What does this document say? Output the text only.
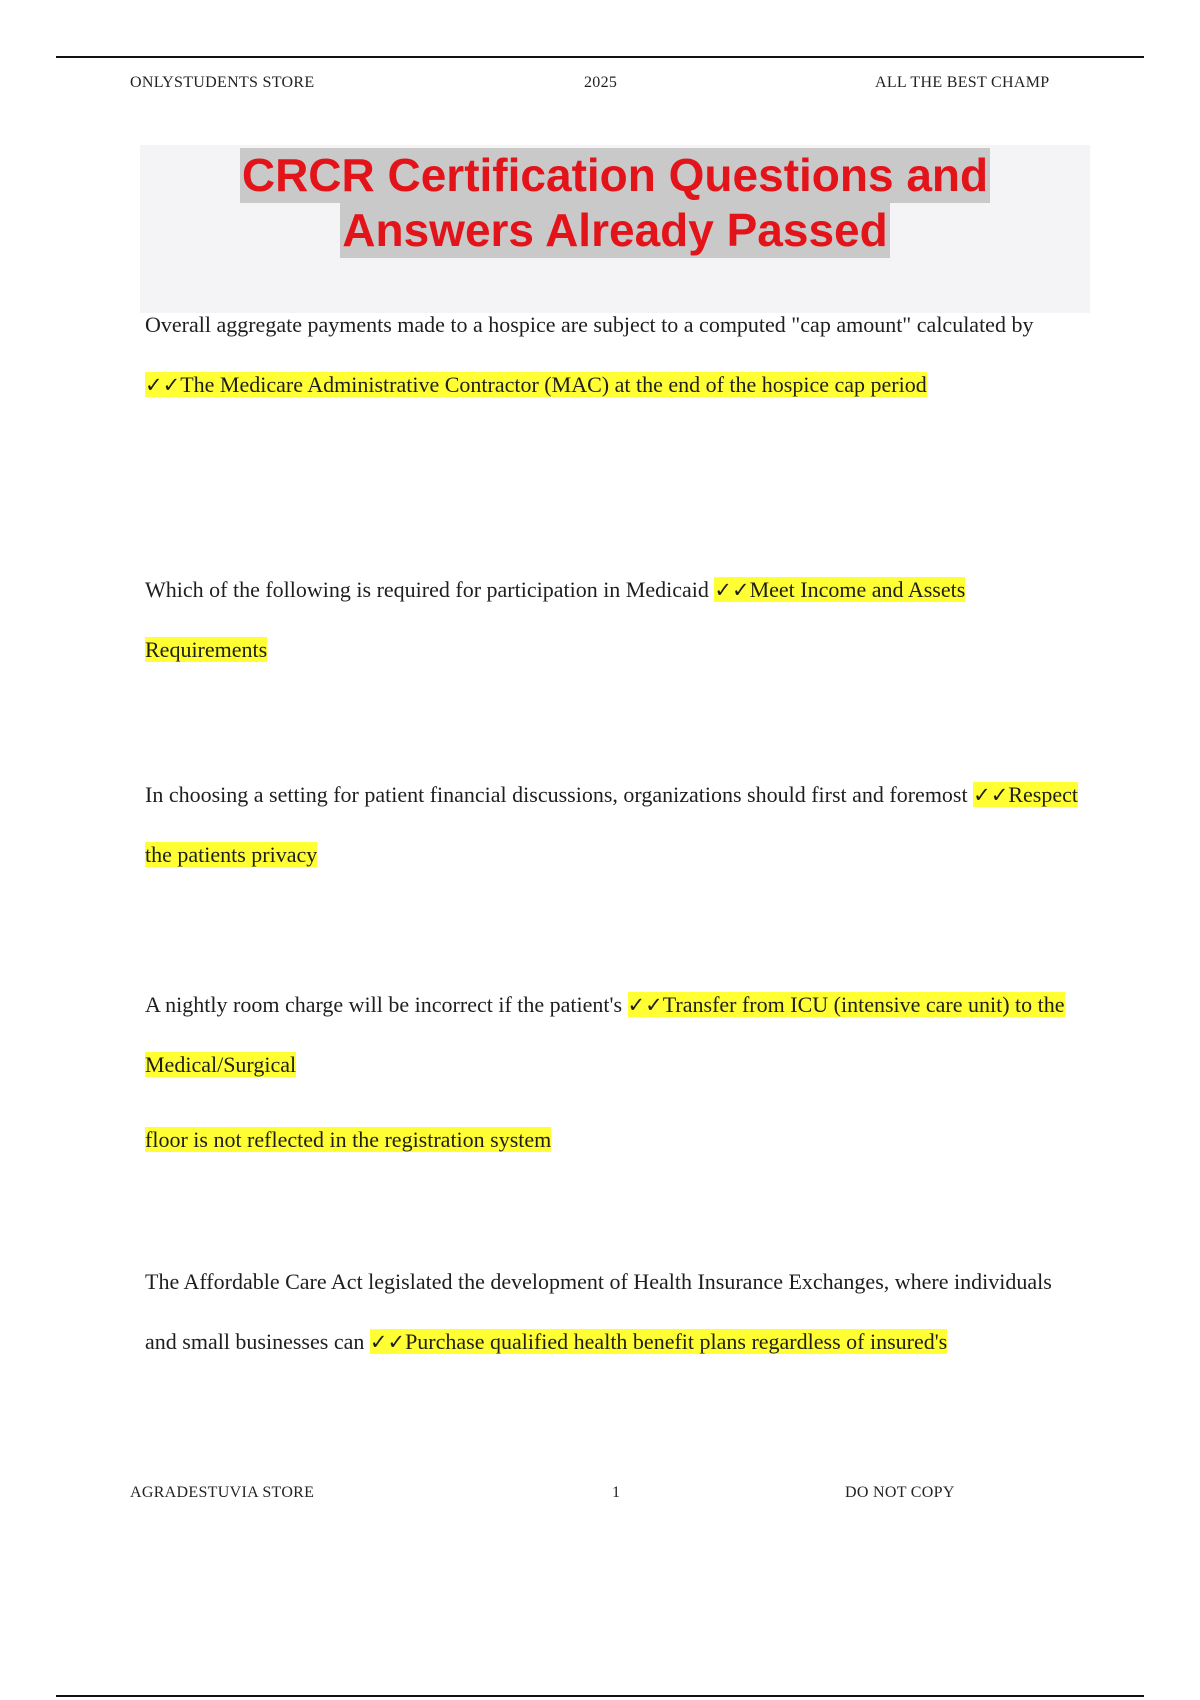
ONLYSTUDENTS STORE	2025	ALL THE BEST CHAMP
CRCR Certification Questions and
Answers Already Passed
Overall aggregate payments made to a hospice are subject to a computed "cap amount" calculated by ✓✓The Medicare Administrative Contractor (MAC) at the end of the hospice cap period
Which of the following is required for participation in Medicaid ✓✓Meet Income and Assets Requirements
In choosing a setting for patient financial discussions, organizations should first and foremost ✓✓Respect the patients privacy
A nightly room charge will be incorrect if the patient's ✓✓Transfer from ICU (intensive care unit) to the Medical/Surgical
floor is not reflected in the registration system
The Affordable Care Act legislated the development of Health Insurance Exchanges, where individuals and small businesses can ✓✓Purchase qualified health benefit plans regardless of insured's
AGRADESTUVIA STORE	1	DO NOT COPY
